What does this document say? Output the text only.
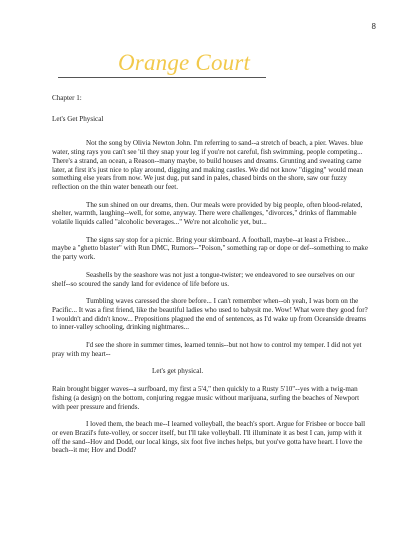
8
Orange Court

Chapter 1:

Let's Get Physical

Not the song by Olivia Newton John. I'm referring to sand--a stretch of beach, a pier. Waves. blue water, sting rays you can't see 'til they snap your leg if you're not careful, fish swimming, people competing... There's a strand, an ocean, a Reason--many maybe, to build houses and dreams. Grunting and sweating came later, at first it's just nice to play around, digging and making castles. We did not know "digging" would mean something else years from now. We just dug, put sand in pales, chased birds on the shore, saw our fuzzy reflection on the thin water beneath our feet.

The sun shined on our dreams, then. Our meals were provided by big people, often blood-related, shelter, warmth, laughing--well, for some, anyway. There were challenges, "divorces," drinks of flammable volatile liquids called "alcoholic beverages..." We're not alcoholic yet, but...

The signs say stop for a picnic. Bring your skimboard. A football, maybe--at least a Frisbee... maybe a "ghetto blaster" with Run DMC, Rumors--"Poison," something rap or dope or def--something to make the party work.

Seashells by the seashore was not just a tongue-twister; we endeavored to see ourselves on our shelf--so scoured the sandy land for evidence of life before us.

Tumbling waves caressed the shore before... I can't remember when--oh yeah, I was born on the Pacific... It was a first friend, like the beautiful ladies who used to babysit me. Wow! What were they good for? I wouldn't and didn't know... Prepositions plagued the end of sentences, as I'd wake up from Oceanside dreams to inner-valley schooling, drinking nightmares...

I'd see the shore in summer times, learned tennis--but not how to control my temper. I did not yet pray with my heart--

Let's get physical.

Rain brought bigger waves--a surfboard, my first a 5'4," then quickly to a Rusty 5'10"--yes with a twig-man fishing (a design) on the bottom, conjuring reggae music without marijuana, surfing the beaches of Newport with peer pressure and friends.

I loved them, the beach me--I learned volleyball, the beach's sport. Argue for Frisbee or bocce ball or even Brazil's fute-volley, or soccer itself, but I'll take volleyball. I'll illuminate it as best I can, jump with it off the sand--Hov and Dodd, our local kings, six foot five inches helps, but you've gotta have heart. I love the beach--it me; Hov and Dodd?
